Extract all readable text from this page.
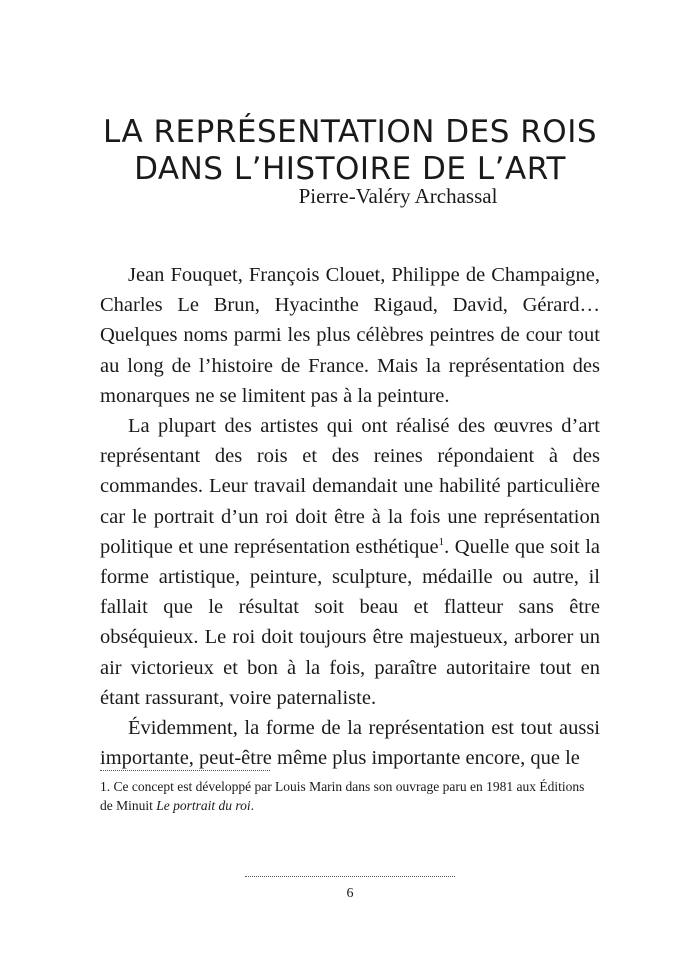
LA REPRÉSENTATION DES ROIS
DANS L’HISTOIRE DE L’ART
Pierre-Valéry Archassal

Jean Fouquet, François Clouet, Philippe de Champaigne, Charles Le Brun, Hyacinthe Rigaud, David, Gérard… Quelques noms parmi les plus célèbres peintres de cour tout au long de l’histoire de France. Mais la représentation des monarques ne se limitent pas à la peinture.

La plupart des artistes qui ont réalisé des œuvres d’art représentant des rois et des reines répondaient à des commandes. Leur travail demandait une habilité particulière car le portrait d’un roi doit être à la fois une représentation politique et une représentation esthétique$^1$. Quelle que soit la forme artistique, peinture, sculpture, médaille ou autre, il fallait que le résultat soit beau et flatteur sans être obséquieux. Le roi doit toujours être majestueux, arborer un air victorieux et bon à la fois, paraître autoritaire tout en étant rassurant, voire paternaliste.

Évidemment, la forme de la représentation est tout aussi importante, peut-être même plus importante encore, que le

1. Ce concept est développé par Louis Marin dans son ouvrage paru en 1981 aux Éditions de Minuit Le portrait du roi.
6
